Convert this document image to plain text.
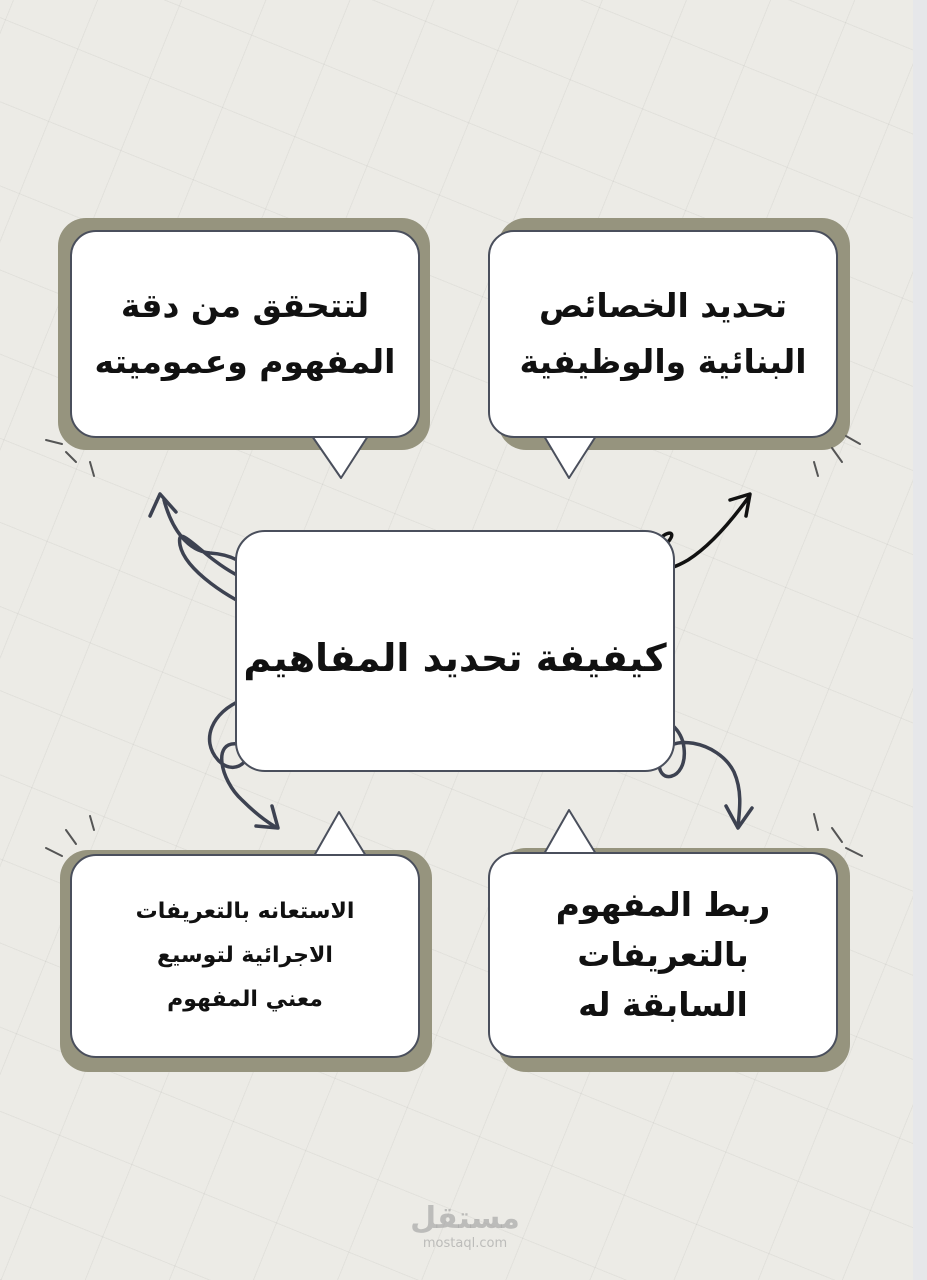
لتتحقق من دقة
المفهوم وعموميته
تحديد الخصائص
البنائية والوظيفية
الاستعانه بالتعريفات
الاجرائية لتوسيع
معني المفهوم
ربط المفهوم
بالتعريفات
السابقة له
كيفيفة تحديد المفاهيم
مستقل
mostaql.com
